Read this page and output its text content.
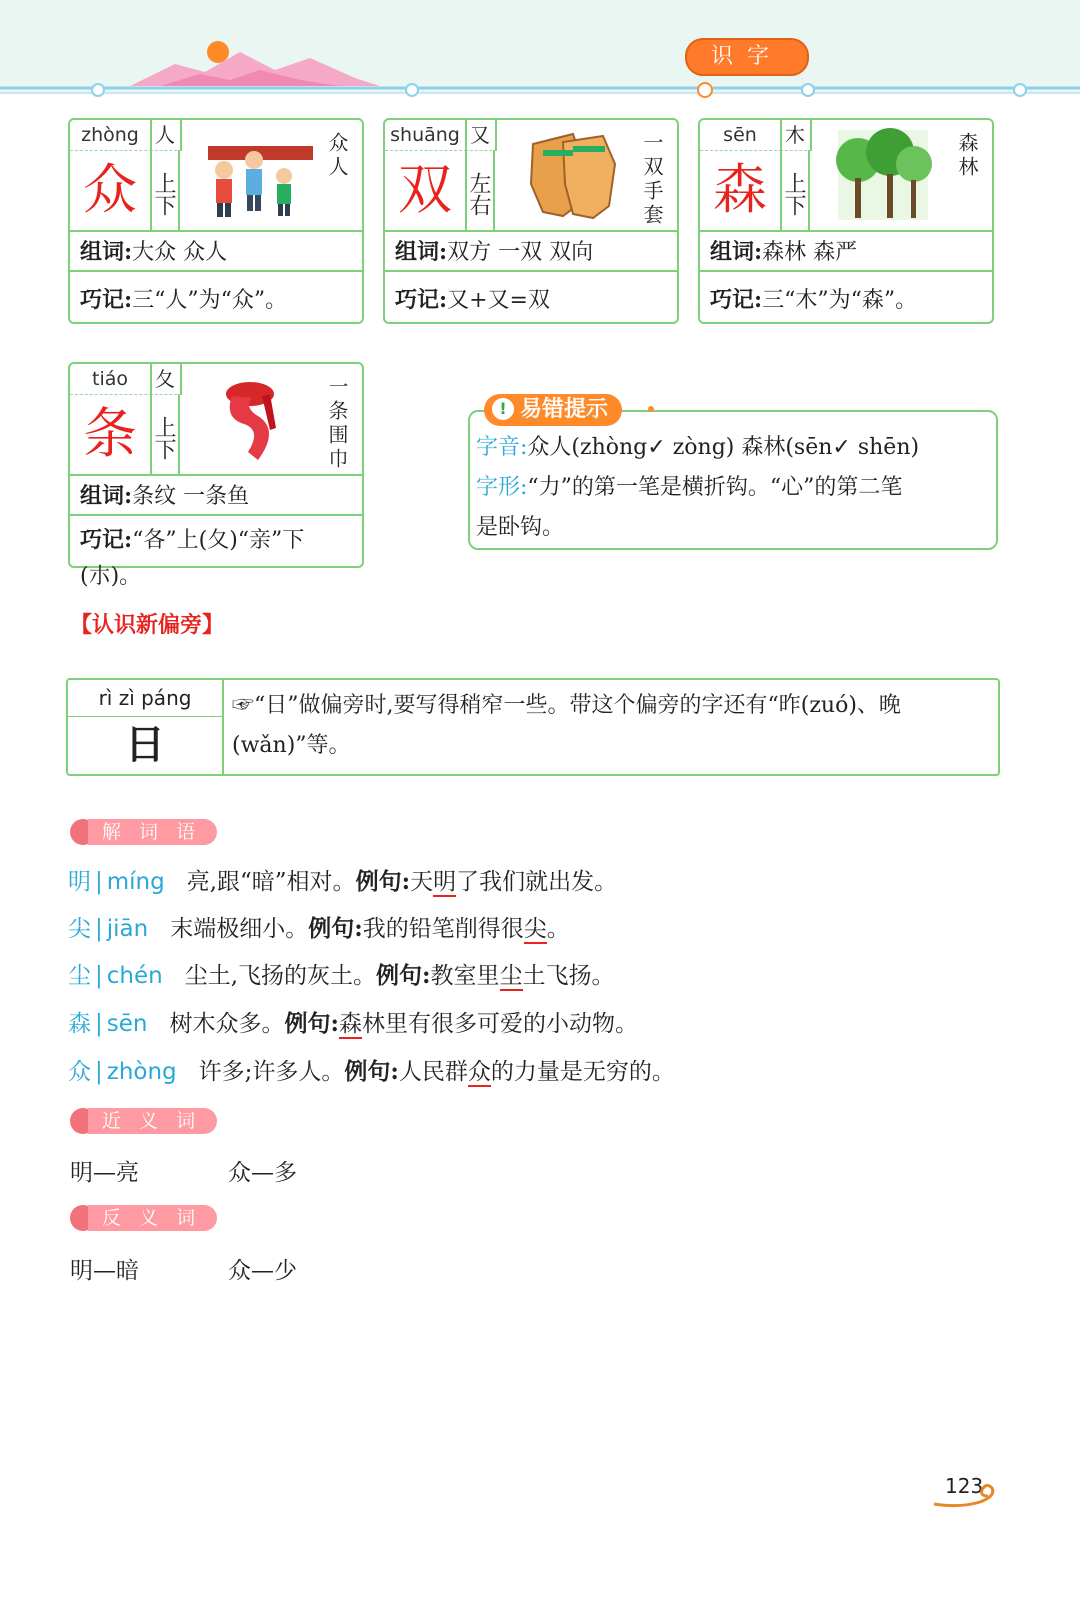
识字
zhòng 人
众 上下
众人
组词:大众 众人
巧记:三“人”为“众”。
shuāng 又
双 左右	一双手套
组词:双方 一双 双向
巧记:又+又=双
sēn	木
森 上下
森林
组词:森林 森严
巧记:三“木”为“森”。
tiáo	夂
条 上下	一条围巾
组词:条纹 一条鱼
巧记:“各”上(夂)“亲”下(朩)。
! 易错提示
字音:众人(zhòng✓ zòng) 森林(sēn✓ shēn)
字形:“力”的第一笔是横折钩。“心”的第二笔
是卧钩。
【认识新偏旁】
rì zì páng
日
☞“日”做偏旁时,要写得稍窄一些。带这个偏旁的字还有“昨(zuó)、晚(wǎn)”等。
解 词 语
明 | míng 亮,跟“暗”相对。例句:天明了我们就出发。
尖 | jiān 末端极细小。例句:我的铅笔削得很尖。
尘 | chén 尘土,飞扬的灰土。例句:教室里尘土飞扬。
森 | sēn 树木众多。例句:森林里有很多可爱的小动物。
众 | zhòng 许多;许多人。例句:人民群众的力量是无穷的。
近 义 词
明—亮	众—多
反 义 词
明—暗	众—少
123
